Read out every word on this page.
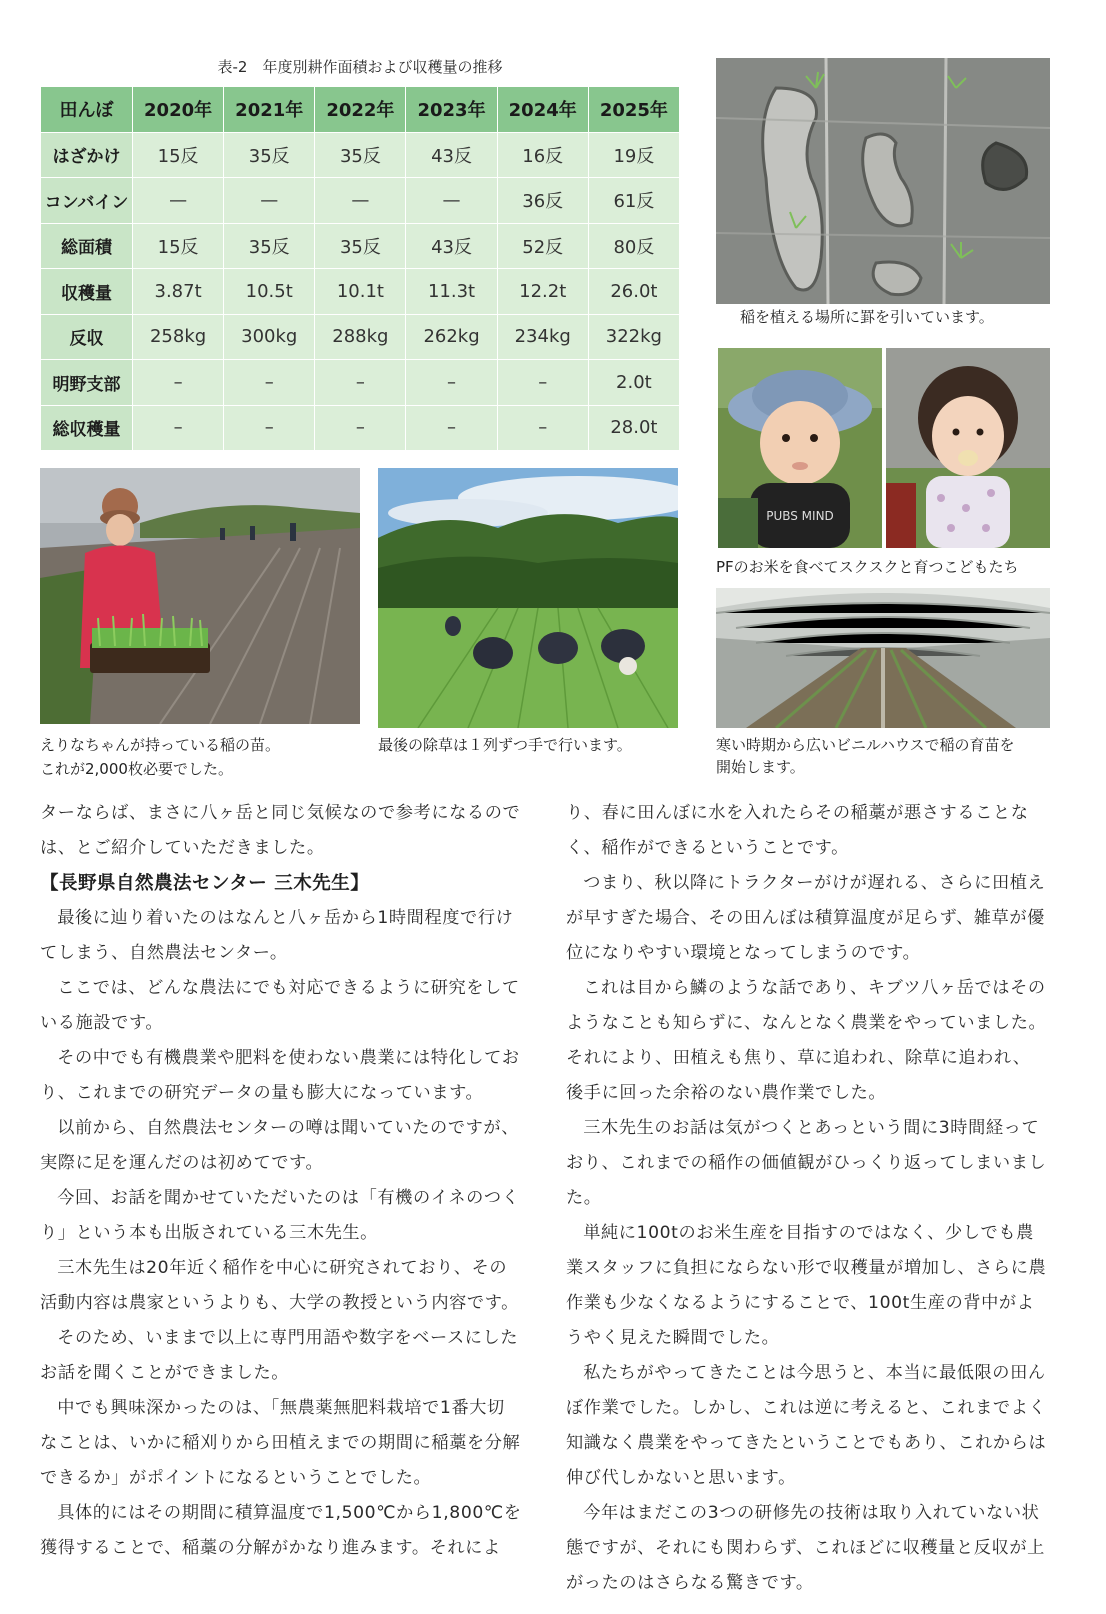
表-2　年度別耕作面積および収穫量の推移
田んぼ	2020年	2021年	2022年	2023年	2024年	2025年
はざかけ	15反	35反	35反	43反	16反	19反
コンバイン	—	—	—	—	36反	61反
総面積	15反	35反	35反	43反	52反	80反
収穫量	3.87t	10.5t	10.1t	11.3t	12.2t	26.0t
反収	258kg	300kg	288kg	262kg	234kg	322kg
明野支部	–	–	–	–	–	2.0t
総収穫量	–	–	–	–	–	28.0t
稲を植える場所に罫を引いています。
PUBS MIND
PFのお米を食べてスクスクと育つこどもたち
えりなちゃんが持っている稲の苗。
これが2,000枚必要でした。
最後の除草は１列ずつ手で行います。	寒い時期から広いビニルハウスで稲の育苗を
開始します。

ターならば、まさに八ヶ岳と同じ気候なので参考になるのでは、とご紹介していただきました。

【長野県自然農法センター 三木先生】

最後に辿り着いたのはなんと八ヶ岳から1時間程度で行けてしまう、自然農法センター。

ここでは、どんな農法にでも対応できるように研究をしている施設です。

その中でも有機農業や肥料を使わない農業には特化しており、これまでの研究データの量も膨大になっています。

以前から、自然農法センターの噂は聞いていたのですが、実際に足を運んだのは初めてです。

今回、お話を聞かせていただいたのは「有機のイネのつくり」という本も出版されている三木先生。

三木先生は20年近く稲作を中心に研究されており、その活動内容は農家というよりも、大学の教授という内容です。

そのため、いままで以上に専門用語や数字をベースにしたお話を聞くことができました。

中でも興味深かったのは、「無農薬無肥料栽培で1番大切なことは、いかに稲刈りから田植えまでの期間に稲藁を分解できるか」がポイントになるということでした。

具体的にはその期間に積算温度で1,500℃から1,800℃を獲得することで、稲藁の分解がかなり進みます。それによ

り、春に田んぼに水を入れたらその稲藁が悪さすることなく、稲作ができるということです。

つまり、秋以降にトラクターがけが遅れる、さらに田植えが早すぎた場合、その田んぼは積算温度が足らず、雑草が優位になりやすい環境となってしまうのです。

これは目から鱗のような話であり、キブツ八ヶ岳ではそのようなことも知らずに、なんとなく農業をやっていました。それにより、田植えも焦り、草に追われ、除草に追われ、後手に回った余裕のない農作業でした。

三木先生のお話は気がつくとあっという間に3時間経っており、これまでの稲作の価値観がひっくり返ってしまいました。

単純に100tのお米生産を目指すのではなく、少しでも農業スタッフに負担にならない形で収穫量が増加し、さらに農作業も少なくなるようにすることで、100t生産の背中がようやく見えた瞬間でした。

私たちがやってきたことは今思うと、本当に最低限の田んぼ作業でした。しかし、これは逆に考えると、これまでよく知識なく農業をやってきたということでもあり、これからは伸び代しかないと思います。

今年はまだこの3つの研修先の技術は取り入れていない状態ですが、それにも関わらず、これほどに収穫量と反収が上がったのはさらなる驚きです。
